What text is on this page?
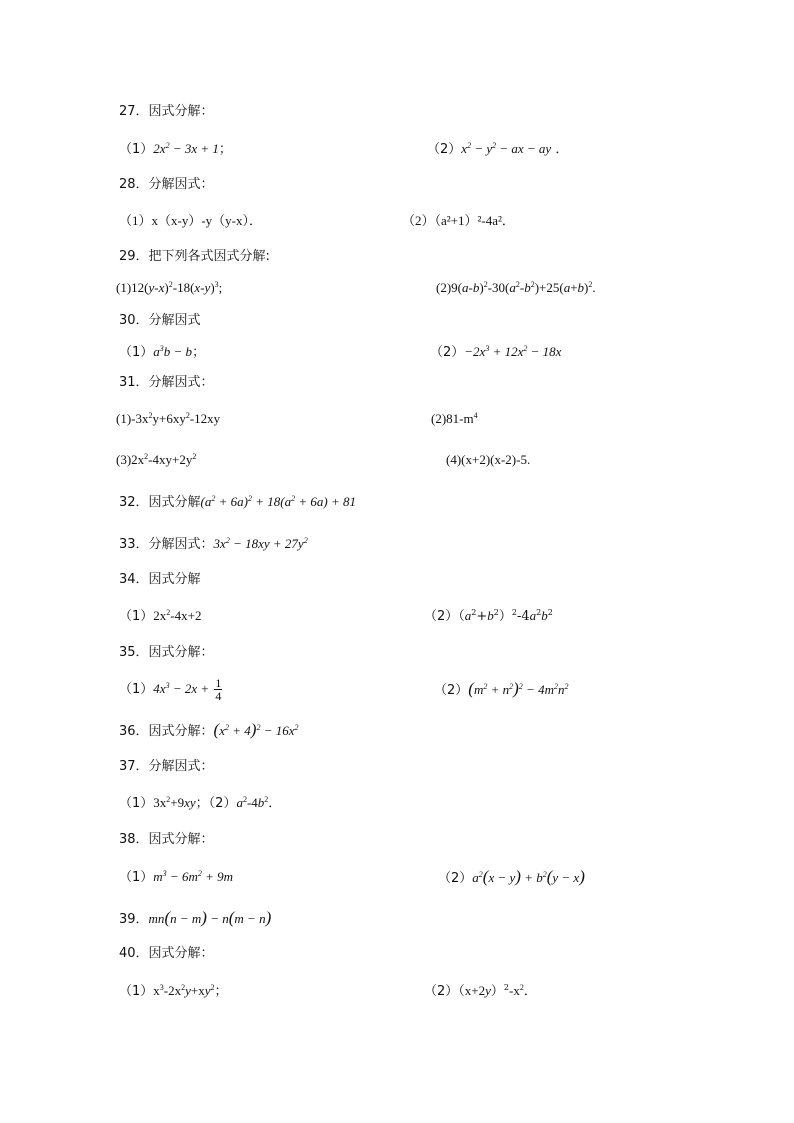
27．因式分解：
$(1)2x^2 - 3x + 1$；	$(2)x^2 - y^2$ − ax − ay ．
28．分解因式：
（1）x（x-y）-y（y-x）．	（2）（a²+1）²-4a²．
29．把下列各式因式分解:
$(1)12(y-x)^2-18(x-y)^3$;	$(2)9(a-b)^2-30(a^2-b^2)+25(a+b)^2$.
30．分解因式
$(1)a^3b - b$；	$(2)-2x^3 + 12x^2 - 18x$
31．分解因式：
$(1)-3x^2y+6xy^2-12xy$	$(2)81-m^4$
$(3)2x^2-4xy+2y^2$	(4)(x+2)(x-2)-5.
32．因式分解$(a^2 + 6a)^2 + 18(a^2 + 6a) + 81$
33．分解因式：$3x^2 - 18xy + 27y^2$
34．因式分解
$(1)2x^2-4x+2$	$(2)(a^2+b^2)^2-4a^2b^2$
35．因式分解：
$(1)4x^3 - 2x + \frac{1}{4}$	$(2)(m^2 + n^2)^2 - 4m^2n^2$
36．因式分解：$(x^2 + 4)^2 - 16x^2$
37．分解因式：
$(1)3x^2+9xy$；$(2)a^2-4b^2$．
38．因式分解：
$(1)m^3 - 6m^2 + 9m$	$(2)a^2(x - y) + b^2(y - x)$
39．mn(n − m) − n(m − n)
40．因式分解：
$(1)x^3-2x^2y+xy^2$；	$(2)(x+2y)^2-x^2$．
